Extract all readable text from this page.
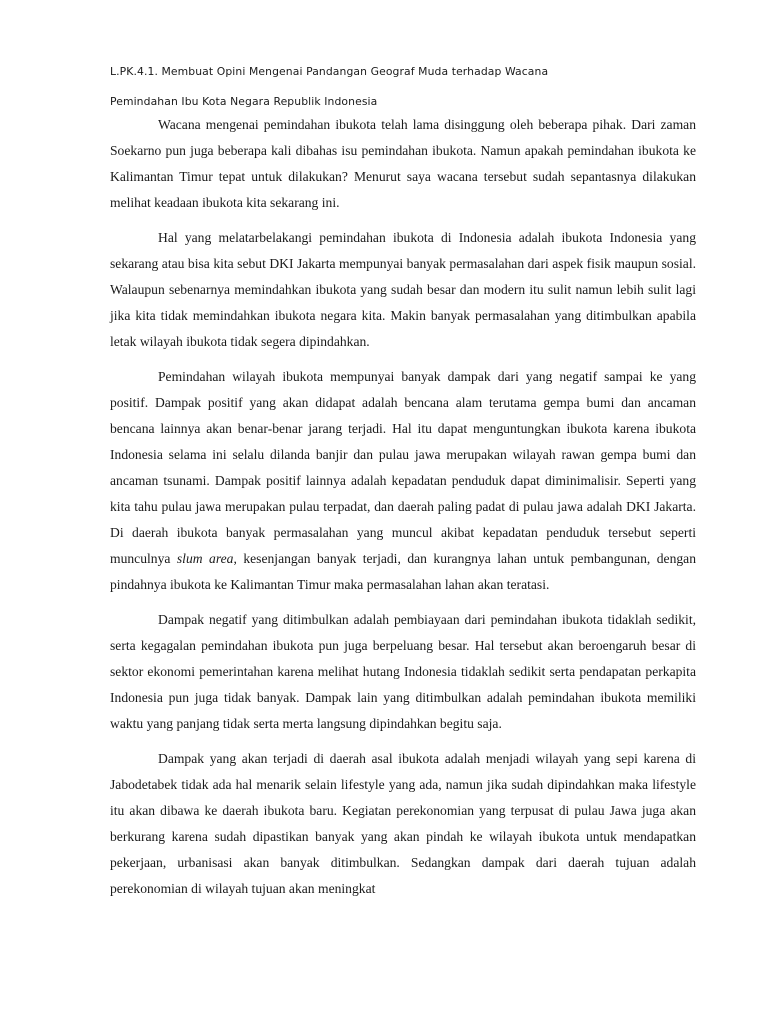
L.PK.4.1. Membuat Opini Mengenai Pandangan Geograf Muda terhadap Wacana

Pemindahan Ibu Kota Negara Republik Indonesia

Wacana mengenai pemindahan ibukota telah lama disinggung oleh beberapa pihak. Dari zaman Soekarno pun juga beberapa kali dibahas isu pemindahan ibukota. Namun apakah pemindahan ibukota ke Kalimantan Timur tepat untuk dilakukan? Menurut saya wacana tersebut sudah sepantasnya dilakukan melihat keadaan ibukota kita sekarang ini.

Hal yang melatarbelakangi pemindahan ibukota di Indonesia adalah ibukota Indonesia yang sekarang atau bisa kita sebut DKI Jakarta mempunyai banyak permasalahan dari aspek fisik maupun sosial. Walaupun sebenarnya memindahkan ibukota yang sudah besar dan modern itu sulit namun lebih sulit lagi jika kita tidak memindahkan ibukota negara kita. Makin banyak permasalahan yang ditimbulkan apabila letak wilayah ibukota tidak segera dipindahkan.

Pemindahan wilayah ibukota mempunyai banyak dampak dari yang negatif sampai ke yang positif. Dampak positif yang akan didapat adalah bencana alam terutama gempa bumi dan ancaman bencana lainnya akan benar-benar jarang terjadi. Hal itu dapat menguntungkan ibukota karena ibukota Indonesia selama ini selalu dilanda banjir dan pulau jawa merupakan wilayah rawan gempa bumi dan ancaman tsunami. Dampak positif lainnya adalah kepadatan penduduk dapat diminimalisir. Seperti yang kita tahu pulau jawa merupakan pulau terpadat, dan daerah paling padat di pulau jawa adalah DKI Jakarta. Di daerah ibukota banyak permasalahan yang muncul akibat kepadatan penduduk tersebut seperti munculnya slum area, kesenjangan banyak terjadi, dan kurangnya lahan untuk pembangunan, dengan pindahnya ibukota ke Kalimantan Timur maka permasalahan lahan akan teratasi.

Dampak negatif yang ditimbulkan adalah pembiayaan dari pemindahan ibukota tidaklah sedikit, serta kegagalan pemindahan ibukota pun juga berpeluang besar. Hal tersebut akan beroengaruh besar di sektor ekonomi pemerintahan karena melihat hutang Indonesia tidaklah sedikit serta pendapatan perkapita Indonesia pun juga tidak banyak. Dampak lain yang ditimbulkan adalah pemindahan ibukota memiliki waktu yang panjang tidak serta merta langsung dipindahkan begitu saja.

Dampak yang akan terjadi di daerah asal ibukota adalah menjadi wilayah yang sepi karena di Jabodetabek tidak ada hal menarik selain lifestyle yang ada, namun jika sudah dipindahkan maka lifestyle itu akan dibawa ke daerah ibukota baru. Kegiatan perekonomian yang terpusat di pulau Jawa juga akan berkurang karena sudah dipastikan banyak yang akan pindah ke wilayah ibukota untuk mendapatkan pekerjaan, urbanisasi akan banyak ditimbulkan. Sedangkan dampak dari daerah tujuan adalah perekonomian di wilayah tujuan akan meningkat
